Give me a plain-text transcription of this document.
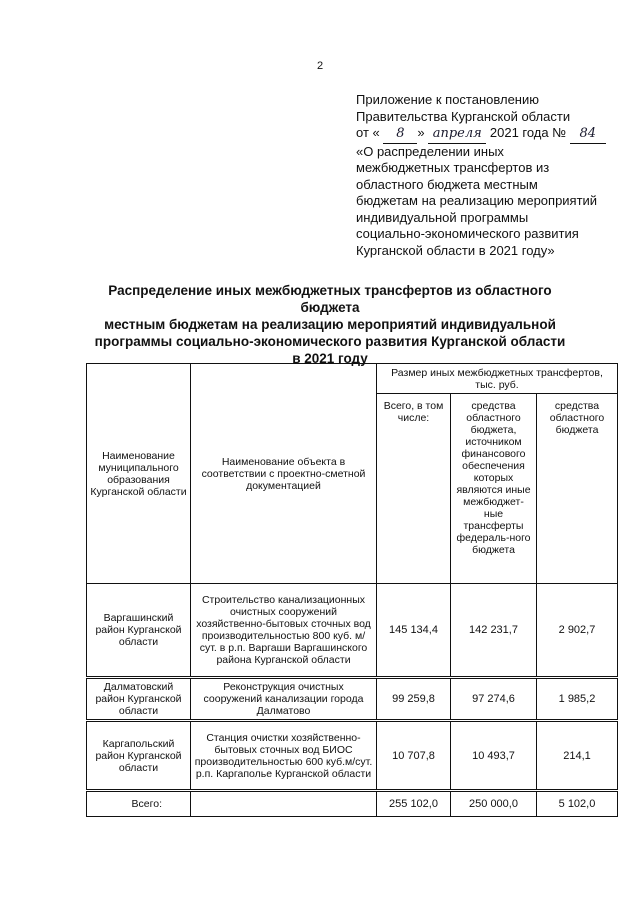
2
Приложение к постановлению
Правительства Курганской области
от « 8 » апреля 2021 года № 84
«О распределении иных
межбюджетных трансфертов из
областного бюджета местным
бюджетам на реализацию мероприятий
индивидуальной программы
социально-экономического развития
Курганской области в 2021 году»
Распределение иных межбюджетных трансфертов из областного бюджета
местным бюджетам на реализацию мероприятий индивидуальной
программы социально-экономического развития Курганской области
в 2021 году
Наименование муниципального образования Курганской области	Наименование объекта в соответствии с проектно-сметной документацией	Размер иных межбюджетных трансфертов, тыс. руб.		
		Всего, в том числе:	средства областного бюджета, источником финансового обеспечения которых являются иные межбюджет-ные трансферты федераль-ного бюджета	средства областного бюджета
Варгашинский район Курганской области	Строительство канализационных очистных сооружений хозяйственно-бытовых сточных вод производительностью 800 куб. м/сут. в р.п. Варгаши Варгашинского района Курганской области	145 134,4	142 231,7	2 902,7
Далматовский район Курганской области	Реконструкция очистных сооружений канализации города Далматово	99 259,8	97 274,6	1 985,2
Каргапольский район Курганской области	Станция очистки хозяйственно-бытовых сточных вод БИОС производительностью 600 куб.м/сут. р.п. Каргаполье Курганской области	10 707,8	10 493,7	214,1
Всего:		255 102,0	250 000,0	5 102,0
